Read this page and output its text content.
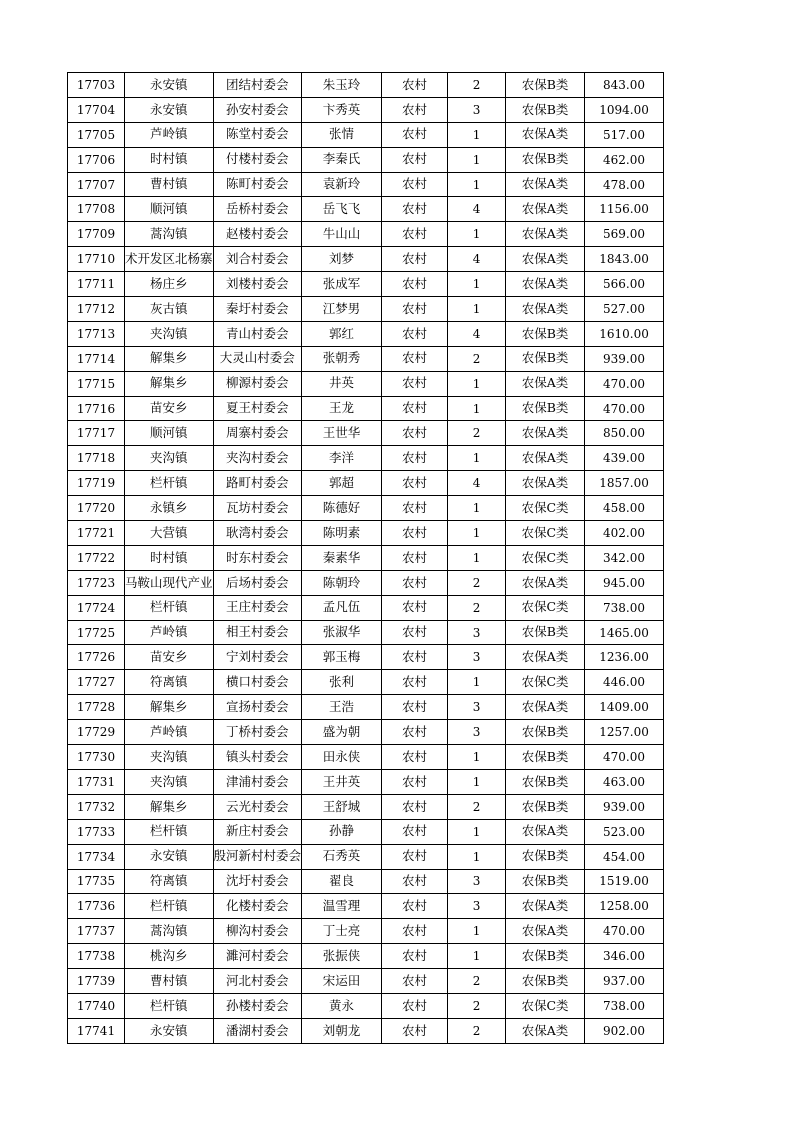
17703	永安镇	团结村委会	朱玉玲	农村	2	农保B类	843.00
17704	永安镇	孙安村委会	卞秀英	农村	3	农保B类	1094.00
17705	芦岭镇	陈堂村委会	张情	农村	1	农保A类	517.00
17706	时村镇	付楼村委会	李秦氏	农村	1	农保B类	462.00
17707	曹村镇	陈町村委会	袁新玲	农村	1	农保A类	478.00
17708	顺河镇	岳桥村委会	岳飞飞	农村	4	农保A类	1156.00
17709	蒿沟镇	赵楼村委会	牛山山	农村	1	农保A类	569.00
17710	术开发区北杨寨	刘合村委会	刘梦	农村	4	农保A类	1843.00
17711	杨庄乡	刘楼村委会	张成军	农村	1	农保A类	566.00
17712	灰古镇	秦圩村委会	江梦男	农村	1	农保A类	527.00
17713	夹沟镇	青山村委会	郭红	农村	4	农保B类	1610.00
17714	解集乡	大灵山村委会	张朝秀	农村	2	农保B类	939.00
17715	解集乡	柳源村委会	井英	农村	1	农保A类	470.00
17716	苗安乡	夏王村委会	王龙	农村	1	农保B类	470.00
17717	顺河镇	周寨村委会	王世华	农村	2	农保A类	850.00
17718	夹沟镇	夹沟村委会	李洋	农村	1	农保A类	439.00
17719	栏杆镇	路町村委会	郭超	农村	4	农保A类	1857.00
17720	永镇乡	瓦坊村委会	陈德好	农村	1	农保C类	458.00
17721	大营镇	耿湾村委会	陈明素	农村	1	农保C类	402.00
17722	时村镇	时东村委会	秦素华	农村	1	农保C类	342.00
17723	马鞍山现代产业	后场村委会	陈朝玲	农村	2	农保A类	945.00
17724	栏杆镇	王庄村委会	孟凡伍	农村	2	农保C类	738.00
17725	芦岭镇	相王村委会	张淑华	农村	3	农保B类	1465.00
17726	苗安乡	宁刘村委会	郭玉梅	农村	3	农保A类	1236.00
17727	符离镇	横口村委会	张利	农村	1	农保C类	446.00
17728	解集乡	宣扬村委会	王浩	农村	3	农保A类	1409.00
17729	芦岭镇	丁桥村委会	盛为朝	农村	3	农保B类	1257.00
17730	夹沟镇	镇头村委会	田永侠	农村	1	农保B类	470.00
17731	夹沟镇	津浦村委会	王井英	农村	1	农保B类	463.00
17732	解集乡	云光村委会	王舒城	农村	2	农保B类	939.00
17733	栏杆镇	新庄村委会	孙静	农村	1	农保A类	523.00
17734	永安镇	殷河新村村委会	石秀英	农村	1	农保B类	454.00
17735	符离镇	沈圩村委会	翟良	农村	3	农保B类	1519.00
17736	栏杆镇	化楼村委会	温雪理	农村	3	农保A类	1258.00
17737	蒿沟镇	柳沟村委会	丁士亮	农村	1	农保A类	470.00
17738	桃沟乡	濉河村委会	张振侠	农村	1	农保B类	346.00
17739	曹村镇	河北村委会	宋运田	农村	2	农保B类	937.00
17740	栏杆镇	孙楼村委会	黄永	农村	2	农保C类	738.00
17741	永安镇	潘湖村委会	刘朝龙	农村	2	农保A类	902.00
